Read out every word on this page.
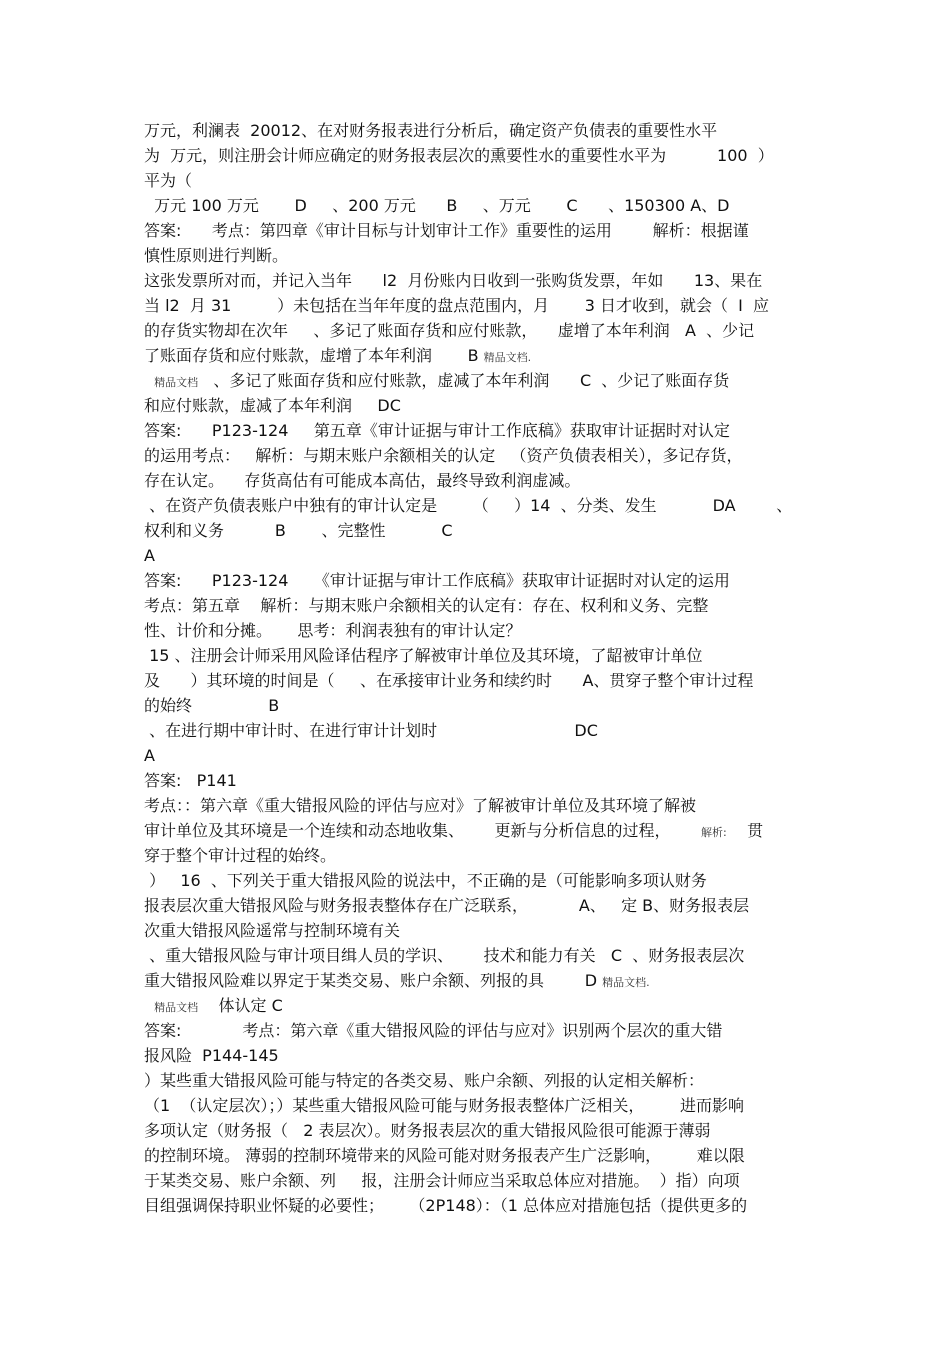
万元，利澜表  20012、在对财务报表进行分析后，确定资产负债表的重要性水平
为  万元，则注册会计师应确定的财务报表层次的熏要性水的重要性水平为          100  ）
平为（
万元 100 万元       D     、200 万元      B     、万元       C      、150300 A、D
答案:      考点：第四章《审计目标与计划审计工作》重要性的运用        解析：根据谨
慎性原则进行判断。
这张发票所对而，并记入当年      l2  月份账内日收到一张购货发票，年如      13、果在
当 l2  月 31         ）未包括在当年年度的盘点范围内，月       3 日才收到，就会（  I  应
的存货实物却在次年     、多记了账面存货和应付账款，    虚增了本年利润   A  、少记
了账面存货和应付账款，虚增了本年利润       B 精品文档.
精品文档   、多记了账面存货和应付账款，虚减了本年利润      C  、少记了账面存货
和应付账款，虚减了本年利润     DC
答案:      P123-124     第五章《审计证据与审计工作底稿》获取审计证据时对认定
的运用考点：   解析：与期末账户余额相关的认定   （资产负债表相关），多记存货，
存在认定。    存货高估有可能成本高估，最终导致利润虚减。
、在资产负债表账户中独有的审计认定是       （     ）14  、分类、发生           DA        、
权利和义务          B       、完整性           C
A
答案:      P123-124     《审计证据与审计工作底稿》获取审计证据时对认定的运用
考点：第五章    解析：与期末账户余额相关的认定有：存在、权利和义务、完整
性、计价和分摊。     思考：利润表独有的审计认定？
15 、注册会计师采用风险译估程序了解被审计单位及其环境，了龆被审计单位
及      ）其环境的时间是（     、在承接审计业务和续约时      A、贯穿子整个审计过程
的始终               B
、在进行期中审计时、在进行审计计划时                           DC
A
答案:   P141
考点：：第六章《重大错报风险的评估与应对》了解被审计单位及其环境了解被
审计单位及其环境是一个连续和动态地收集、      更新与分析信息的过程，      解析:    贯
穿于整个审计过程的始终。
）   16  、下列关于重大错报风险的说法中，不正确的是（可能影响多项认财务
报表层次重大错报风险与财务报表整体存在广泛联系，          A、   定 B、财务报表层
次重大错报风险遥常与控制环境有关
、重大错报风险与审计项目缉人员的学识、      技术和能力有关   C  、财务报表层次
重大错报风险难以界定于某类交易、账户余额、列报的具        D 精品文档.
精品文档    体认定 C
答案:            考点：第六章《重大错报风险的评估与应对》识别两个层次的重大错
报风险  P144-145
）某些重大错报风险可能与特定的各类交易、账户余额、列报的认定相关解析：
（1  （认定层次）；）某些重大错报风险可能与财务报表整体广泛相关，       进而影响
多项认定（财务报（   2 表层次）。财务报表层次的重大错报风险很可能源于薄弱
的控制环境。 薄弱的控制环境带来的风险可能对财务报表产生广泛影响，       难以限
于某类交易、账户余额、列     报，注册会计师应当采取总体应对措施。  ）指）向项
目组强调保持职业怀疑的必要性；     （2P148）：（1 总体应对措施包括（提供更多的
